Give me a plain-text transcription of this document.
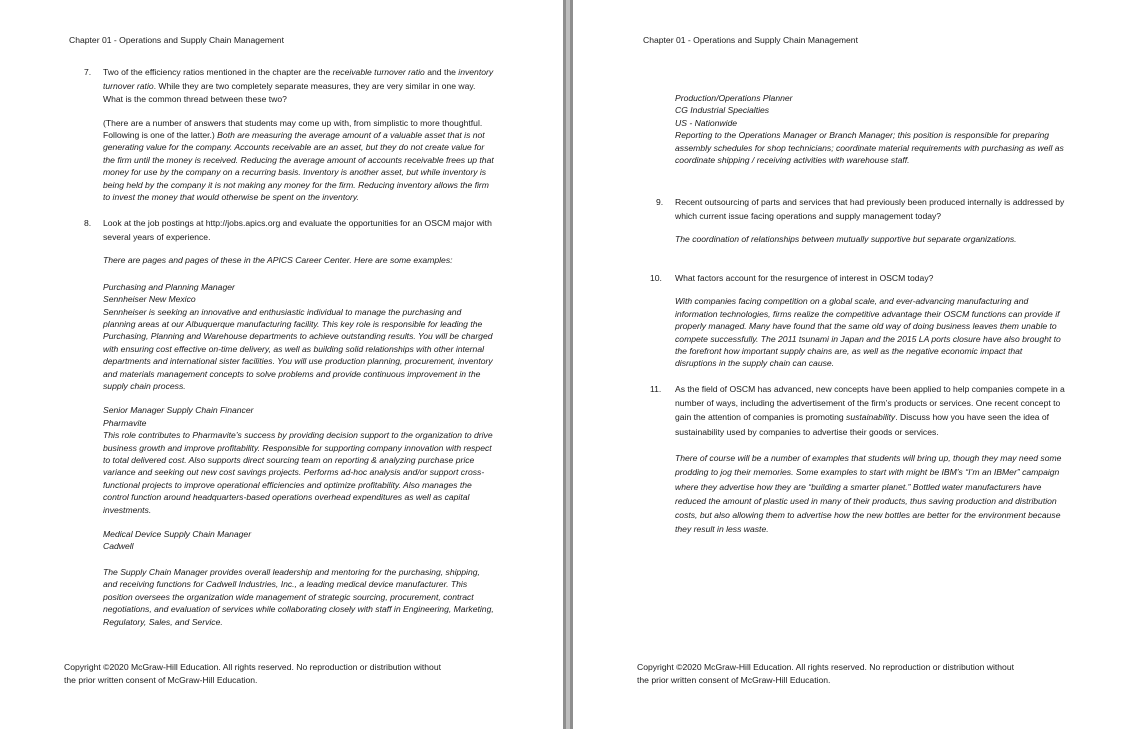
Chapter 01 - Operations and Supply Chain Management
7. Two of the efficiency ratios mentioned in the chapter are the receivable turnover ratio and the inventory turnover ratio. While they are two completely separate measures, they are very similar in one way. What is the common thread between these two?
(There are a number of answers that students may come up with, from simplistic to more thoughtful. Following is one of the latter.) Both are measuring the average amount of a valuable asset that is not generating value for the company. Accounts receivable are an asset, but they do not create value for the firm until the money is received. Reducing the average amount of accounts receivable frees up that money for use by the company on a recurring basis. Inventory is another asset, but while inventory is being held by the company it is not making any money for the firm. Reducing inventory allows the firm to invest the money that would otherwise be spent on the inventory.
8. Look at the job postings at http://jobs.apics.org and evaluate the opportunities for an OSCM major with several years of experience.
There are pages and pages of these in the APICS Career Center. Here are some examples:
Purchasing and Planning Manager
Sennheiser New Mexico
Sennheiser is seeking an innovative and enthusiastic individual to manage the purchasing and planning areas at our Albuquerque manufacturing facility. This key role is responsible for leading the Purchasing, Planning and Warehouse departments to achieve outstanding results. You will be charged with ensuring cost effective on-time delivery, as well as building solid relationships with other internal departments and international sister facilities. You will use production planning, procurement, inventory and materials management concepts to solve problems and provide continuous improvement in the supply chain process.
Senior Manager Supply Chain Financer
Pharmavite
This role contributes to Pharmavite’s success by providing decision support to the organization to drive business growth and improve profitability. Responsible for supporting company innovation with respect to total delivered cost. Also supports direct sourcing team on reporting & analyzing purchase price variance and seeking out new cost savings projects. Performs ad-hoc analysis and/or support cross-functional projects to improve operational efficiencies and optimize profitability. Also manages the control function around headquarters-based operations overhead expenditures as well as capital investments.
Medical Device Supply Chain Manager
Cadwell
The Supply Chain Manager provides overall leadership and mentoring for the purchasing, shipping, and receiving functions for Cadwell Industries, Inc., a leading medical device manufacturer. This position oversees the organization wide management of strategic sourcing, procurement, contract negotiations, and evaluation of services while collaborating closely with staff in Engineering, Marketing, Regulatory, Sales, and Service.
Copyright ©2020 McGraw-Hill Education. All rights reserved. No reproduction or distribution without
the prior written consent of McGraw-Hill Education.
Chapter 01 - Operations and Supply Chain Management
Production/Operations Planner
CG Industrial Specialties
US - Nationwide
Reporting to the Operations Manager or Branch Manager; this position is responsible for preparing assembly schedules for shop technicians; coordinate material requirements with purchasing as well as coordinate shipping / receiving activities with warehouse staff.
9. Recent outsourcing of parts and services that had previously been produced internally is addressed by which current issue facing operations and supply management today?
The coordination of relationships between mutually supportive but separate organizations.
10. What factors account for the resurgence of interest in OSCM today?
With companies facing competition on a global scale, and ever-advancing manufacturing and information technologies, firms realize the competitive advantage their OSCM functions can provide if properly managed. Many have found that the same old way of doing business leaves them unable to compete successfully. The 2011 tsunami in Japan and the 2015 LA ports closure have also brought to the forefront how important supply chains are, as well as the negative economic impact that disruptions in the supply chain can cause.
11. As the field of OSCM has advanced, new concepts have been applied to help companies compete in a number of ways, including the advertisement of the firm’s products or services. One recent concept to gain the attention of companies is promoting sustainability. Discuss how you have seen the idea of sustainability used by companies to advertise their goods or services.
There of course will be a number of examples that students will bring up, though they may need some prodding to jog their memories. Some examples to start with might be IBM’s “I’m an IBMer” campaign where they advertise how they are “building a smarter planet.” Bottled water manufacturers have reduced the amount of plastic used in many of their products, thus saving production and distribution costs, but also allowing them to advertise how the new bottles are better for the environment because they result in less waste.
Copyright ©2020 McGraw-Hill Education. All rights reserved. No reproduction or distribution without
the prior written consent of McGraw-Hill Education.
